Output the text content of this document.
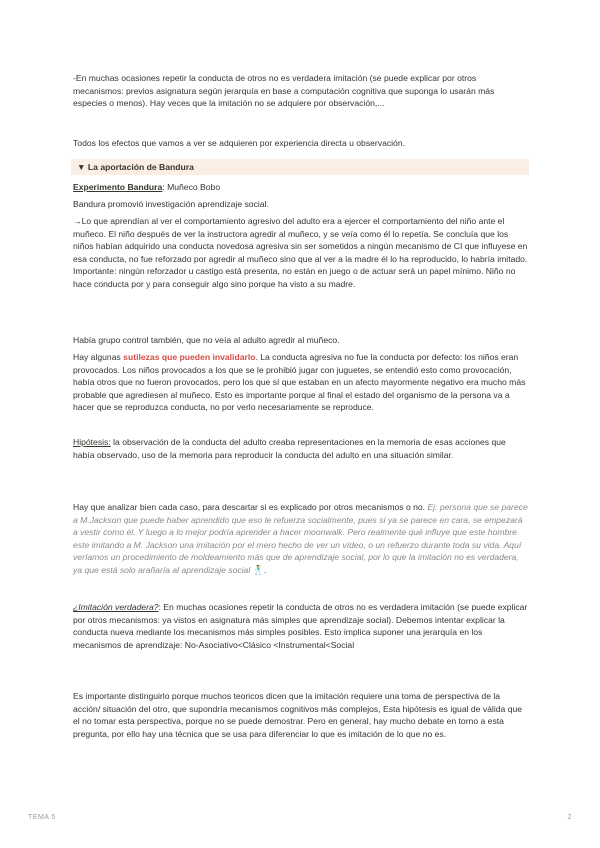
-En muchas ocasiones repetir la conducta de otros no es verdadera imitación (se puede explicar por otros mecanismos: previos asignatura según jerarquía en base a computación cognitiva que suponga lo usarán más especies o menos). Hay veces que la imitación no se adquiere por observación,...

Todos los efectos que vamos a ver se adquieren por experiencia directa u observación.

▼ La aportación de Bandura

Experimento Bandura: Muñeco Bobo

Bandura promovió investigación aprendizaje social.

→Lo que aprendían al ver el comportamiento agresivo del adulto era a ejercer el comportamiento del niño ante el muñeco. El niño después de ver la instructora agredir al muñeco, y se veía como él lo repetía. Se concluía que los niños habían adquirido una conducta novedosa agresiva sin ser sometidos a ningún mecanismo de CI que influyese en esa conducta, no fue reforzado por agredir al muñeco sino que al ver a la madre él lo ha reproducido, lo habría imitado. Importante: ningún reforzador u castigo está presenta, no están en juego o de actuar será un papel mínimo. Niño no hace conducta por y para conseguir algo sino porque ha visto a su madre.

Había grupo control también, que no veía al adulto agredir al muñeco.

Hay algunas sutilezas que pueden invalidarlo. La conducta agresiva no fue la conducta por defecto: los niños eran provocados. Los niños provocados a los que se le prohibió jugar con juguetes, se entendió esto como provocación, había otros que no fueron provocados, pero los que sí que estaban en un afecto mayormente negativo era mucho más probable que agrediesen al muñeco. Esto es importante porque al final el estado del organismo de la persona va a hacer que se reproduzca conducta, no por verlo necesariamente se reproduce.

Hipótesis: la observación de la conducta del adulto creaba representaciones en la memoria de esas acciones que había observado, uso de la memoria para reproducir la conducta del adulto en una situación similar.

Hay que analizar bien cada caso, para descartar si es explicado por otros mecanismos o no. Ej: persona que se parece a M.Jackson que puede haber aprendido que eso le refuerza socialmente, pues si ya se parece en cara, se empezará a vestir como él. Y luego a lo mejor podría aprender a hacer moonwalk. Pero realmente qué influye que este hombre este imitando a M. Jackson una imitación por el mero hecho de ver un vídeo, o un refuerzo durante toda su vida. Aquí veríamos un procedimiento de moldeamiento más que de aprendizaje social, por lo que la imitación no es verdadera, ya que está solo arañaría al aprendizaje social 🕺.

¿Imitación verdadera?: En muchas ocasiones repetir la conducta de otros no es verdadera imitación (se puede explicar por otros mecanismos: ya vistos en asignatura más simples que aprendizaje social). Debemos intentar explicar la conducta nueva mediante los mecanismos más simples posibles. Esto implica suponer una jerarquía en los mecanismos de aprendizaje: No-Asociativo<Clásico <Instrumental<Social

Es importante distinguirlo porque muchos teoricos dicen que la imitación requiere una toma de perspectiva de la acción/ situación del otro, que supondría mecanismos cognitivos más complejos, Esta hipótesis es igual de válida que el no tomar esta perspectiva, porque no se puede demostrar. Pero en general, hay mucho debate en torno a esta pregunta, por ello hay una técnica que se usa para diferenciar lo que es imitación de lo que no es.

TEMA 5	2
